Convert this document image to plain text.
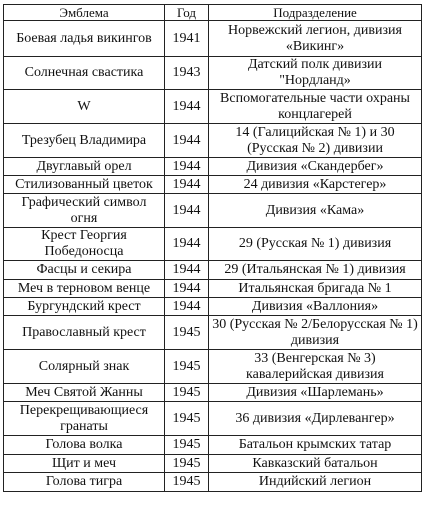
Эмблема	Год	Подразделение
Боевая ладья викингов	1941	Норвежский легион, дивизия «Викинг»
Солнечная свастика	1943	Датский полк дивизии "Нордланд»
W	1944	Вспомогательные части охраны концлагерей
Трезубец Владимира	1944	14 (Галицийская № 1) и 30 (Русская № 2) дивизии
Двуглавый орел	1944	Дивизия «Скандербег»
Стилизованный цветок	1944	24 дивизия «Карстегер»
Графический символ огня	1944	Дивизия «Кама»
Крест Георгия Победоносца	1944	29 (Русская № 1) дивизия
Фасцы и секира	1944	29 (Итальянская № 1) дивизия
Меч в терновом венце	1944	Итальянская бригада № 1
Бургундский крест	1944	Дивизия «Валлония»
Православный крест	1945	30 (Русская № 2/Белорусская № 1) дивизия
Солярный знак	1945	33 (Венгерская № 3) кавалерийская дивизия
Меч Святой Жанны	1945	Дивизия «Шарлемань»
Перекрещивающиеся гранаты	1945	36 дивизия «Дирлевангер»
Голова волка	1945	Батальон крымских татар
Щит и меч	1945	Кавказский батальон
Голова тигра	1945	Индийский легион
